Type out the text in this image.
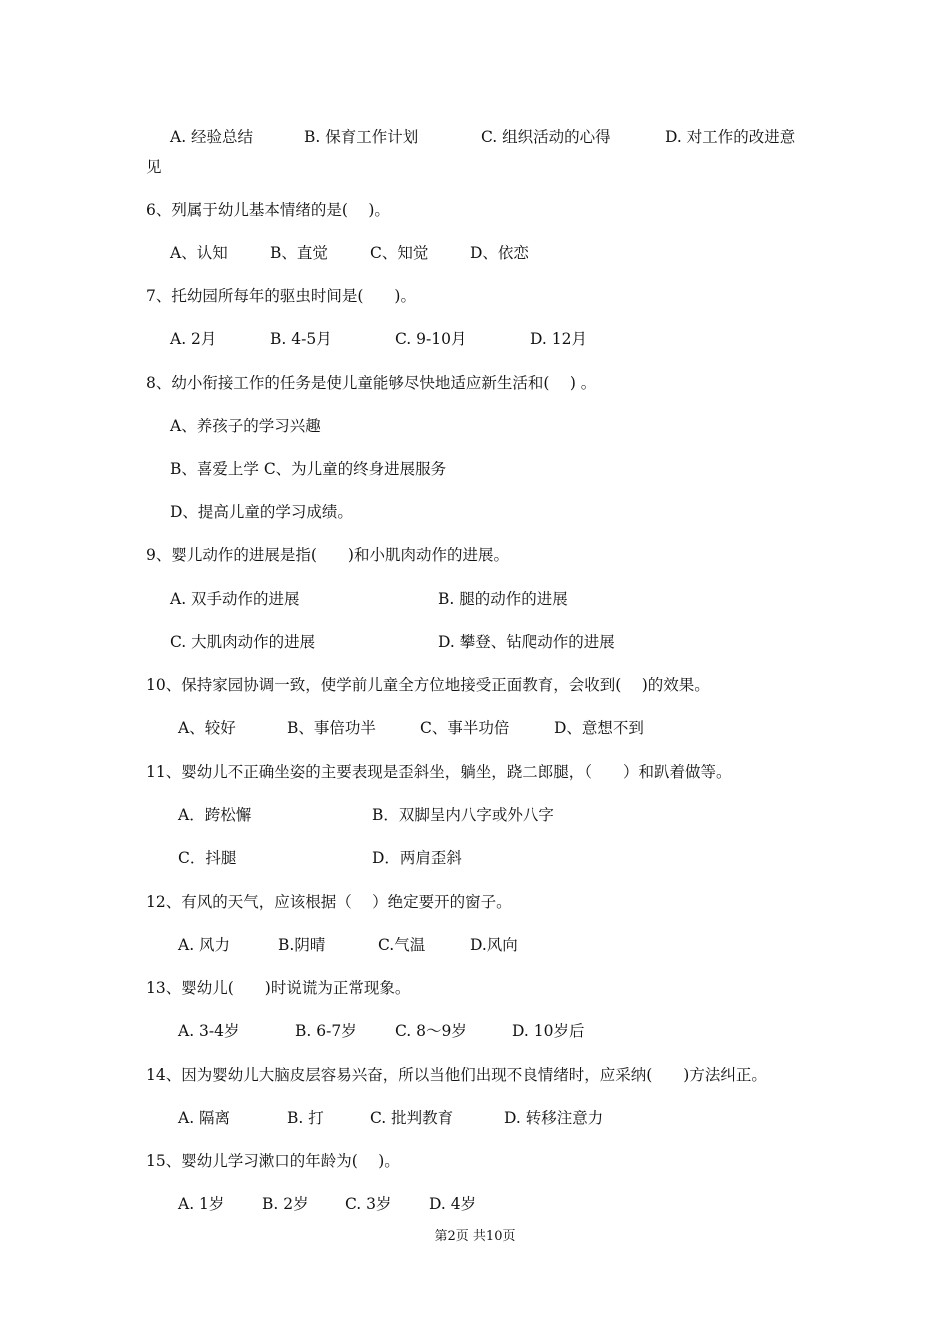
A. 经验总结	B. 保育工作计划	C. 组织活动的心得	D. 对工作的改进意
见
6、列属于幼儿基本情绪的是(　 )。
A、认知	B、直觉	C、知觉	D、依恋
7、托幼园所每年的驱虫时间是(　　)。
A. 2月	B. 4-5月	C. 9-10月	D. 12月
8、幼小衔接工作的任务是使儿童能够尽快地适应新生活和(　 ) 。
A、养孩子的学习兴趣
B、喜爱上学 C、为儿童的终身进展服务
D、提高儿童的学习成绩。
9、婴儿动作的进展是指(　　)和小肌肉动作的进展。
A. 双手动作的进展	B. 腿的动作的进展
C. 大肌肉动作的进展	D. 攀登、钻爬动作的进展
10、保持家园协调一致，使学前儿童全方位地接受正面教育，会收到(　 )的效果。
A、较好	B、事倍功半	C、事半功倍	D、意想不到
11、婴幼儿不正确坐姿的主要表现是歪斜坐，躺坐，跷二郎腿，（　　）和趴着做等。
A．跨松懈	B．双脚呈内八字或外八字
C．抖腿	D．两肩歪斜
12、有风的天气，应该根据（　 ）绝定要开的窗子。
A. 风力	B.阴晴	C.气温	D.风向
13、婴幼儿(　　)时说谎为正常现象。
A. 3-4岁	B. 6-7岁 C. 8～9岁	D. 10岁后
14、因为婴幼儿大脑皮层容易兴奋，所以当他们出现不良情绪时，应采纳(　　)方法纠正。
A. 隔离	B. 打	C. 批判教育	D. 转移注意力
15、婴幼儿学习漱口的年龄为(　 )。
A. 1岁 B. 2岁 C. 3岁 D. 4岁
第2页 共10页
